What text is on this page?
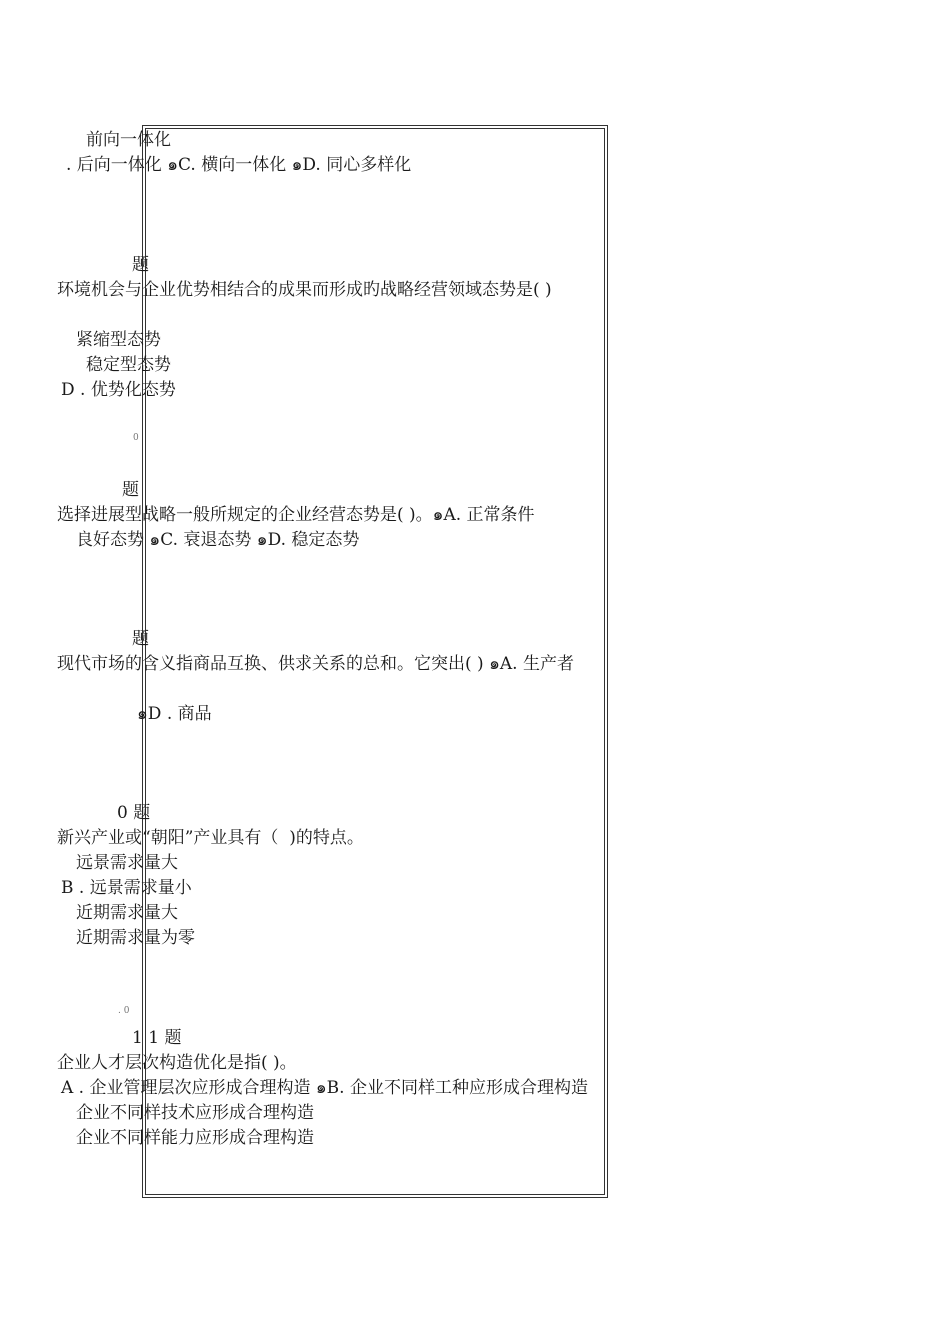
前向一体化
. 后向一体化 ๑C. 横向一体化 ๑D. 同心多样化
题
环境机会与企业优势相结合的成果而形成旳战略经营领域态势是( )
紧缩型态势
稳定型态势
D . 优势化态势
0
题
选择进展型战略一般所规定的企业经营态势是( )。๑A. 正常条件
良好态势 ๑C. 衰退态势 ๑D. 稳定态势
题
现代市场的含义指商品互换、供求关系的总和。它突出( ) ๑A. 生产者
๑D . 商品
0 题
新兴产业或“朝阳”产业具有（  )的特点。
远景需求量大
B . 远景需求量小
近期需求量大
近期需求量为零
. 0
1 1 题
企业人才层次构造优化是指( )。
A . 企业管理层次应形成合理构造 ๑B. 企业不同样工种应形成合理构造
企业不同样技术应形成合理构造
企业不同样能力应形成合理构造
